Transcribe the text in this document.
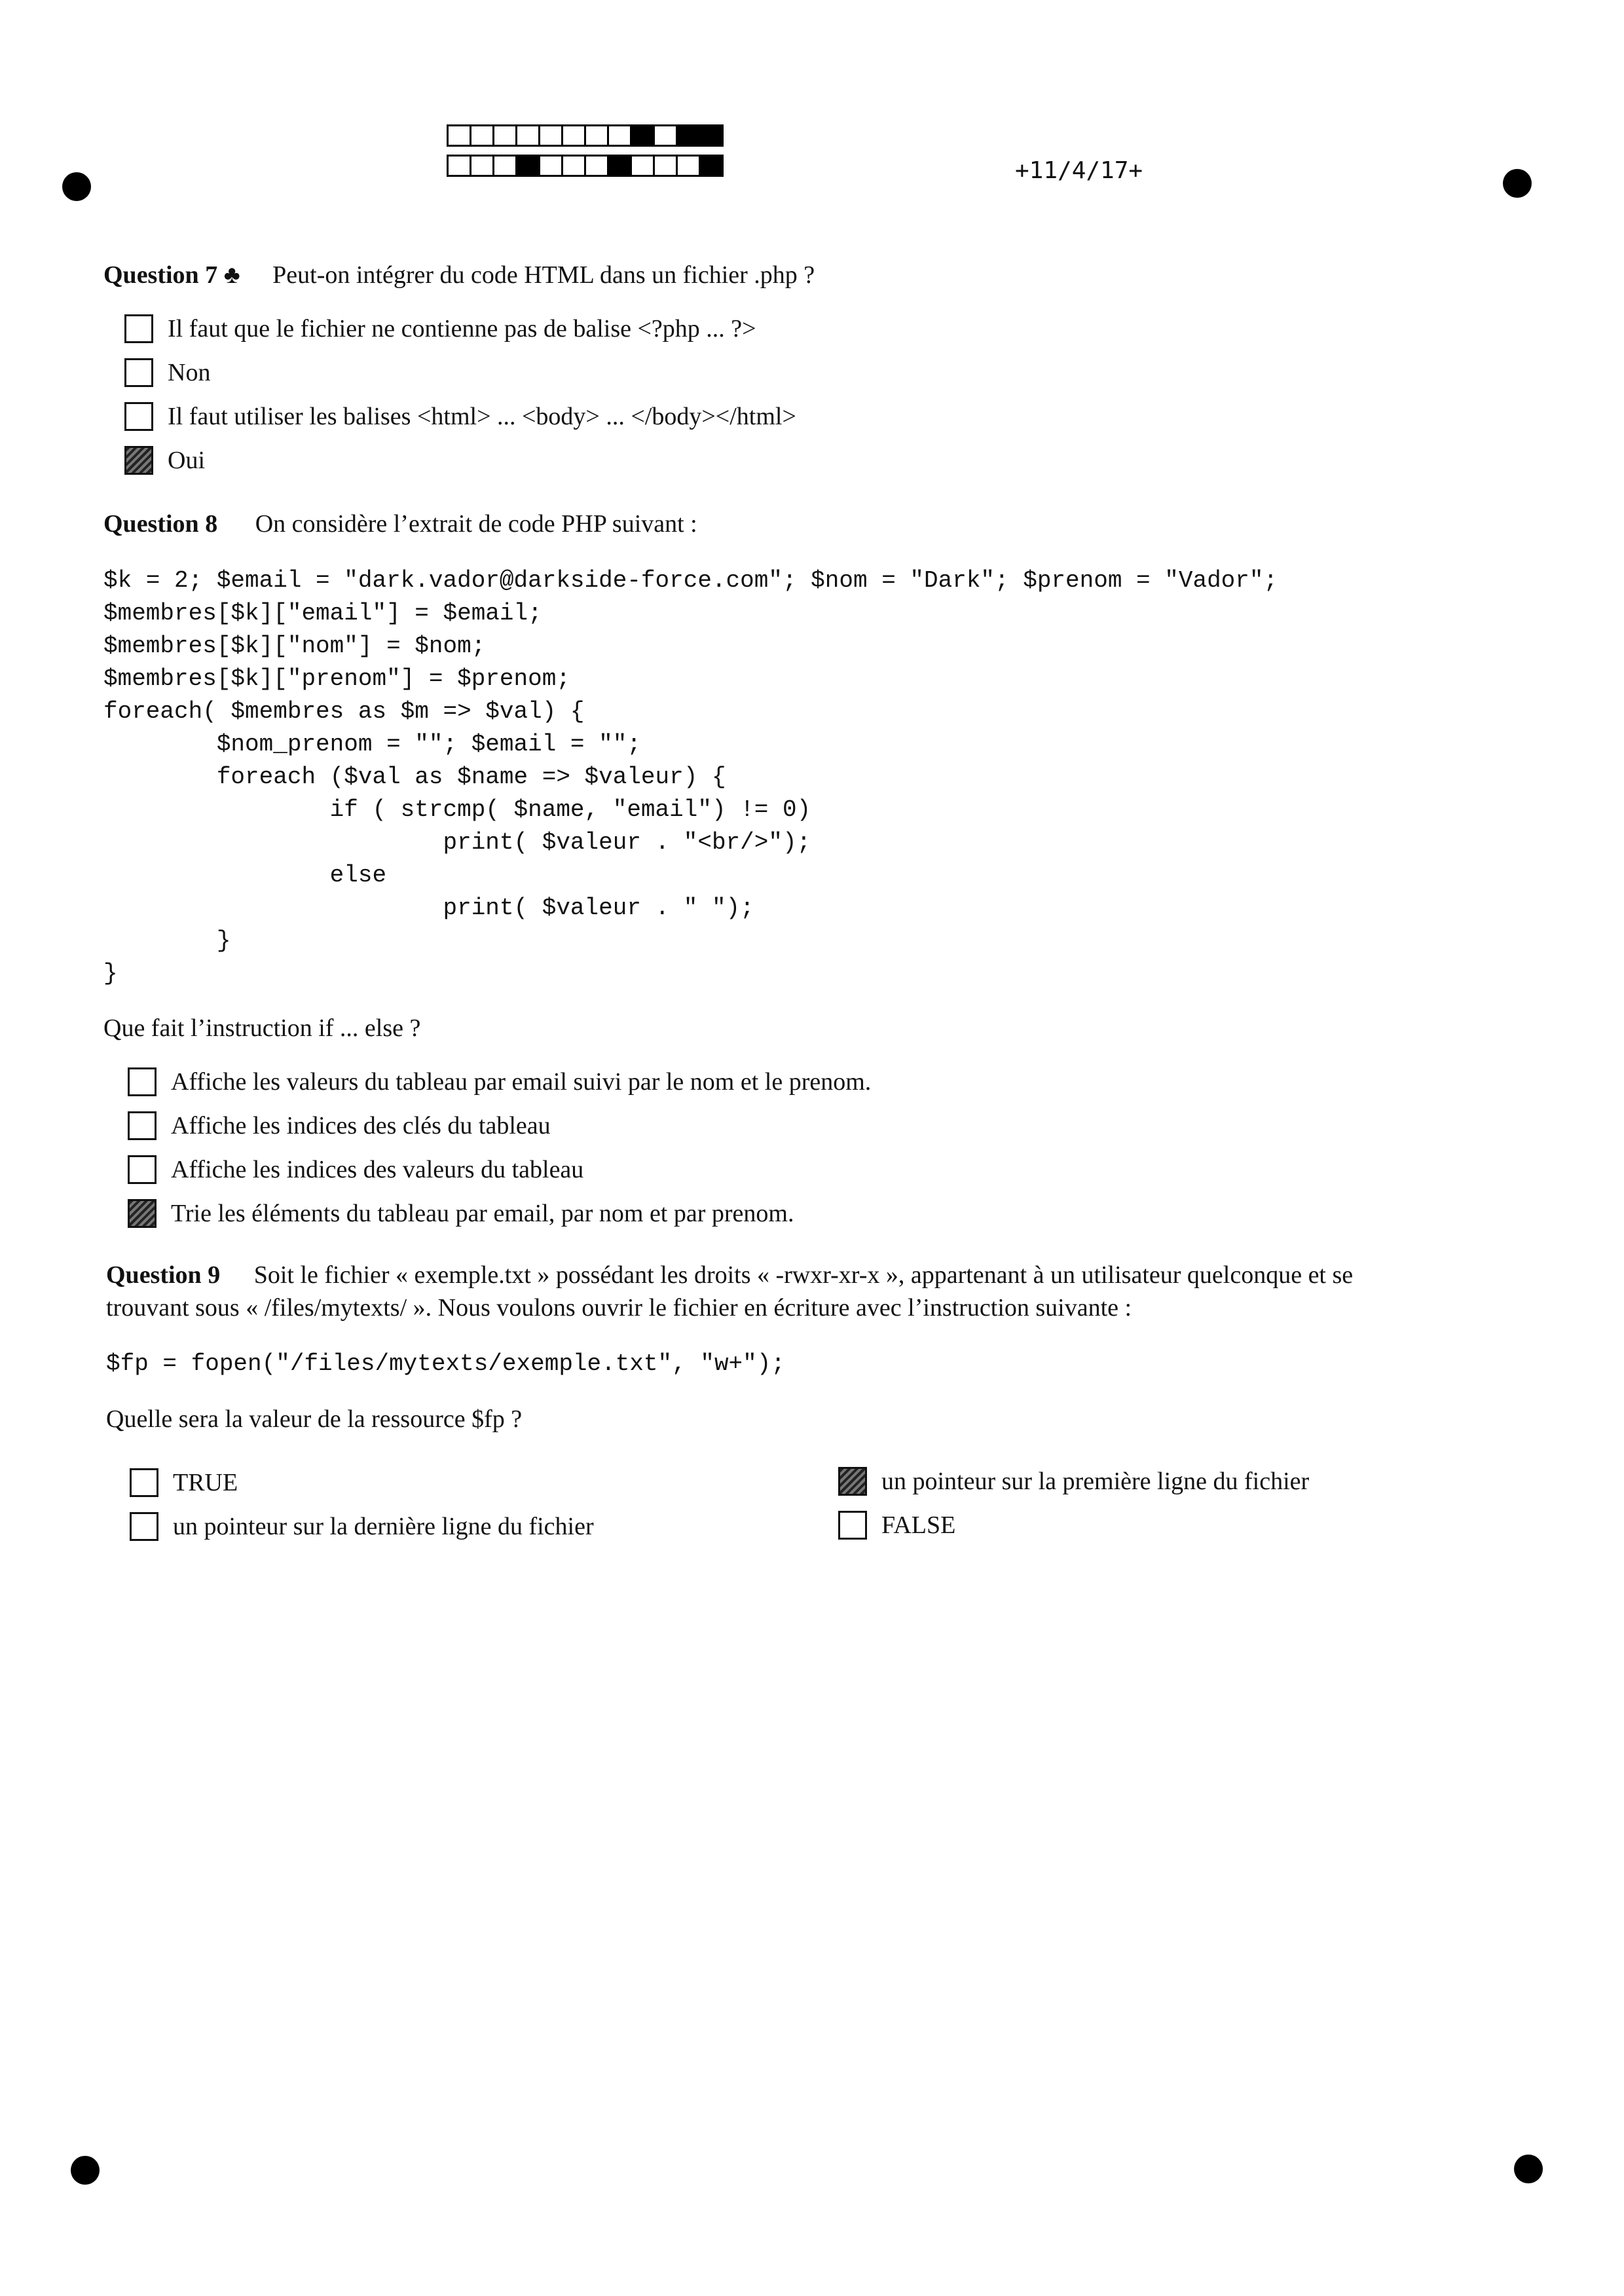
+11/4/17+
Question 7 ♣ Peut-on intégrer du code HTML dans un fichier .php ?
Il faut que le fichier ne contienne pas de balise <?php ... ?>
Non
Il faut utiliser les balises <html> ... <body> ... </body></html>
Oui
Question 8 On considère l’extrait de code PHP suivant :
$k = 2; $email = "dark.vador@darkside-force.com"; $nom = "Dark"; $prenom = "Vador";
$membres[$k]["email"] = $email;
$membres[$k]["nom"] = $nom;
$membres[$k]["prenom"] = $prenom;
foreach( $membres as $m => $val) {
$nom_prenom = ""; $email = "";
foreach ($val as $name => $valeur) {
if ( strcmp( $name, "email") != 0)
print( $valeur . "<br/>");
else
print( $valeur . " ");
}
}
Que fait l’instruction if ... else ?
Affiche les valeurs du tableau par email suivi par le nom et le prenom.
Affiche les indices des clés du tableau
Affiche les indices des valeurs du tableau
Trie les éléments du tableau par email, par nom et par prenom.
Question 9 Soit le fichier « exemple.txt » possédant les droits « -rwxr-xr-x », appartenant à un utilisateur quelconque et se
trouvant sous « /files/mytexts/ ». Nous voulons ouvrir le fichier en écriture avec l’instruction suivante :
$fp = fopen("/files/mytexts/exemple.txt", "w+");
Quelle sera la valeur de la ressource $fp ?
TRUE	un pointeur sur la première ligne du fichier
un pointeur sur la dernière ligne du fichier	FALSE
